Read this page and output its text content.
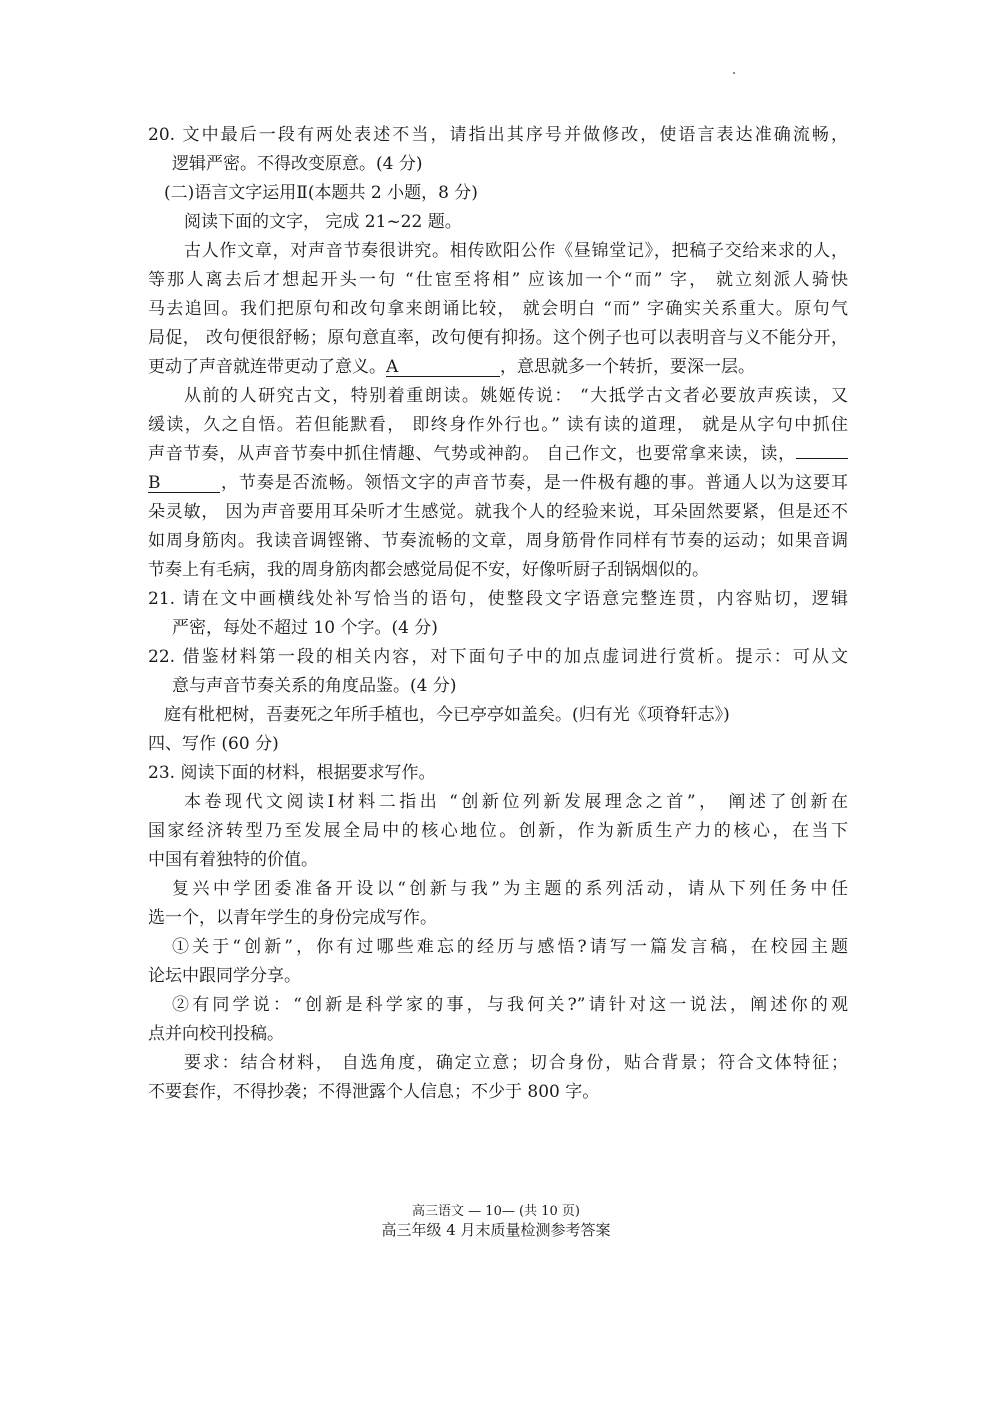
20. 文中最后一段有两处表述不当，请指出其序号并做修改，使语言表达准确流畅，

逻辑严密。不得改变原意。(4 分)

(二)语言文字运用Ⅱ(本题共 2 小题，8 分)

阅读下面的文字， 完成 21~22 题。

古人作文章，对声音节奏很讲究。相传欧阳公作《昼锦堂记》，把稿子交给来求的人，

等那人离去后才想起开头一句 “仕宦至将相” 应该加一个“而” 字， 就立刻派人骑快

马去追回。我们把原句和改句拿来朗诵比较， 就会明白 “而” 字确实关系重大。原句气

局促， 改句便很舒畅；原句意直率，改句便有抑扬。这个例子也可以表明音与义不能分开，

更动了声音就连带更动了意义。A	，意思就多一个转折，要深一层。

从前的人研究古文，特别着重朗读。姚姬传说： “大抵学古文者必要放声疾读，又

缓读，久之自悟。若但能默看， 即终身作外行也。” 读有读的道理， 就是从字句中抓住

声音节奏，从声音节奏中抓住情趣、气势或神韵。 自己作文，也要常拿来读，读，

B	，节奏是否流畅。领悟文字的声音节奏，是一件极有趣的事。普通人以为这要耳

朵灵敏， 因为声音要用耳朵听才生感觉。就我个人的经验来说，耳朵固然要紧，但是还不

如周身筋肉。我读音调铿锵、节奏流畅的文章，周身筋骨作同样有节奏的运动；如果音调

节奏上有毛病，我的周身筋肉都会感觉局促不安，好像听厨子刮锅烟似的。

21. 请在文中画横线处补写恰当的语句，使整段文字语意完整连贯，内容贴切，逻辑

严密，每处不超过 10 个字。(4 分)

22. 借鉴材料第一段的相关内容，对下面句子中的加点虚词进行赏析。提示：可从文

意与声音节奏关系的角度品鉴。(4 分)

庭有枇杷树，吾妻死之年所手植也，今已亭亭如盖矣。(归有光《项脊轩志》)

四、写作 (60 分)

23. 阅读下面的材料，根据要求写作。

本卷现代文阅读Ⅰ材料二指出 “创新位列新发展理念之首”， 阐述了创新在

国家经济转型乃至发展全局中的核心地位。创新，作为新质生产力的核心，在当下

中国有着独特的价值。

复兴中学团委准备开设以“创新与我”为主题的系列活动，请从下列任务中任

选一个，以青年学生的身份完成写作。

①关于“创新”，你有过哪些难忘的经历与感悟?请写一篇发言稿，在校园主题

论坛中跟同学分享。

②有同学说：“创新是科学家的事，与我何关?”请针对这一说法，阐述你的观

点并向校刊投稿。

要求：结合材料， 自选角度，确定立意；切合身份，贴合背景；符合文体特征；

不要套作，不得抄袭；不得泄露个人信息；不少于 800 字。

高三语文 — 10— (共 10 页)
高三年级 4 月末质量检测参考答案
